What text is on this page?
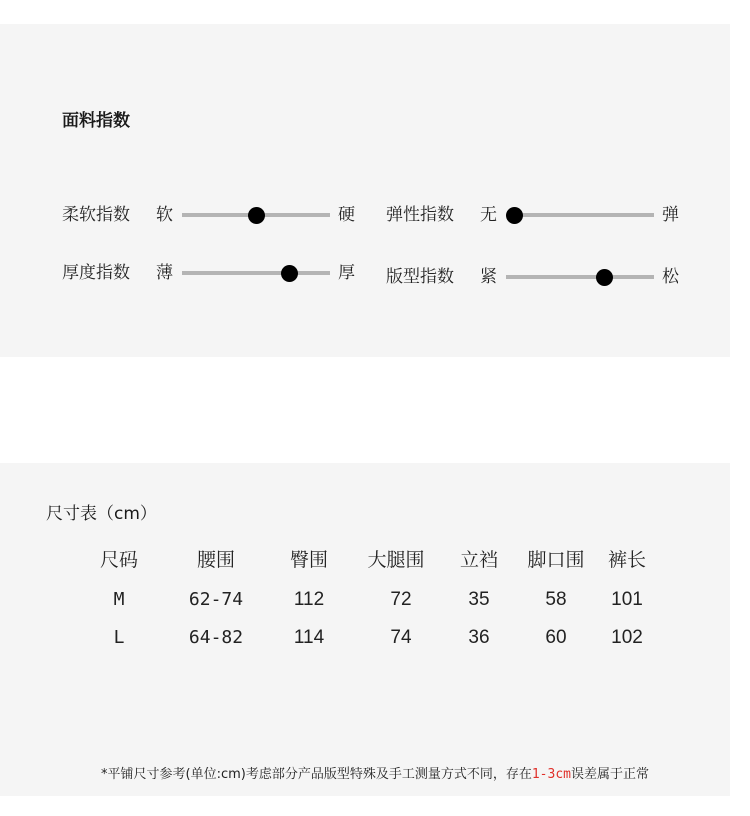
面料指数
柔软指数 软	硬 弹性指数 无	弹
厚度指数 薄	厚 版型指数 紧	松
尺寸表（cm）
尺码	腰围	臀围 大腿围 立裆 脚口围 裤长
M	62-74	112	72	35	58 101
L	64-82	114	74	36	60 102
*平铺尺寸参考(单位:cm)考虑部分产品版型特殊及手工测量方式不同，存在1-3cm误差属于正常
